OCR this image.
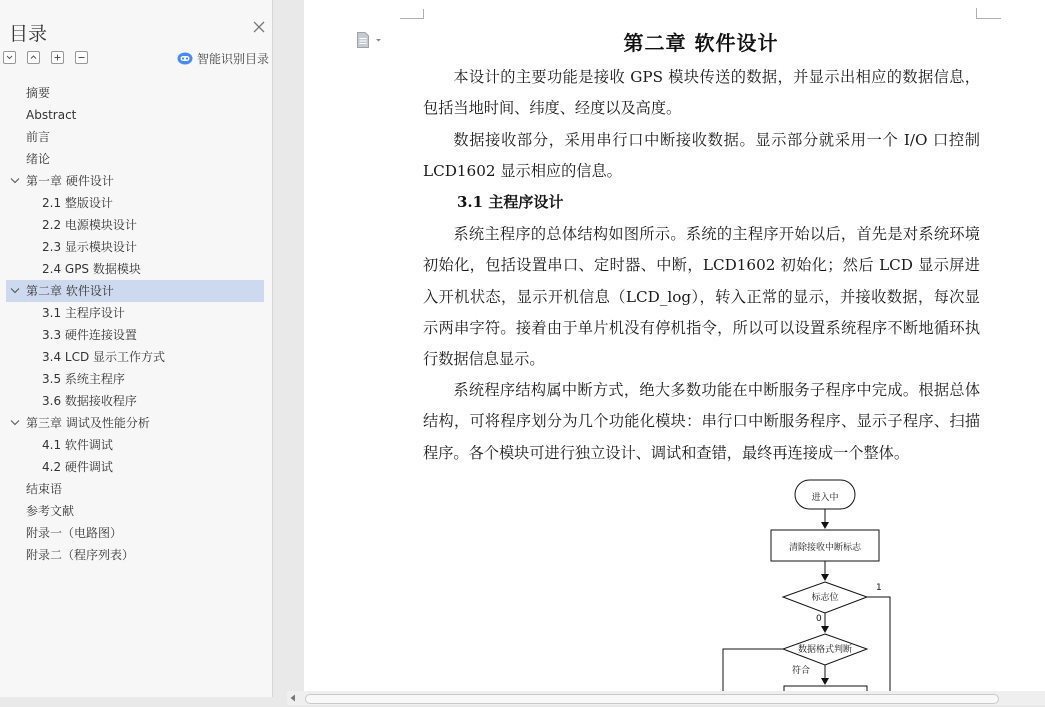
目录
智能识别目录
摘要
Abstract
前言
绪论
第一章 硬件设计
2.1 整版设计
2.2 电源模块设计
2.3 显示模块设计
2.4 GPS 数据模块
第二章 软件设计
3.1 主程序设计
3.3 硬件连接设置
3.4 LCD 显示工作方式
3.5 系统主程序
3.6 数据接收程序
第三章 调试及性能分析
4.1 软件调试
4.2 硬件调试
结束语
参考文献
附录一（电路图）
附录二（程序列表）
第二章 软件设计

本设计的主要功能是接收 GPS 模块传送的数据，并显示出相应的数据信息，包括当地时间、纬度、经度以及高度。

数据接收部分，采用串行口中断接收数据。显示部分就采用一个 I/O 口控制 LCD1602 显示相应的信息。

3.1 主程序设计

系统主程序的总体结构如图所示。系统的主程序开始以后，首先是对系统环境初始化，包括设置串口、定时器、中断，LCD1602 初始化；然后 LCD 显示屏进入开机状态，显示开机信息（LCD_log），转入正常的显示，并接收数据，每次显示两串字符。接着由于单片机没有停机指令，所以可以设置系统程序不断地循环执行数据信息显示。

系统程序结构属中断方式，绝大多数功能在中断服务子程序中完成。根据总体结构，可将程序划分为几个功能化模块：串行口中断服务程序、显示子程序、扫描程序。各个模块可进行独立设计、调试和查错，最终再连接成一个整体。

进入中
清除接收中断标志
标志位
1
0
数据格式判断
符合
